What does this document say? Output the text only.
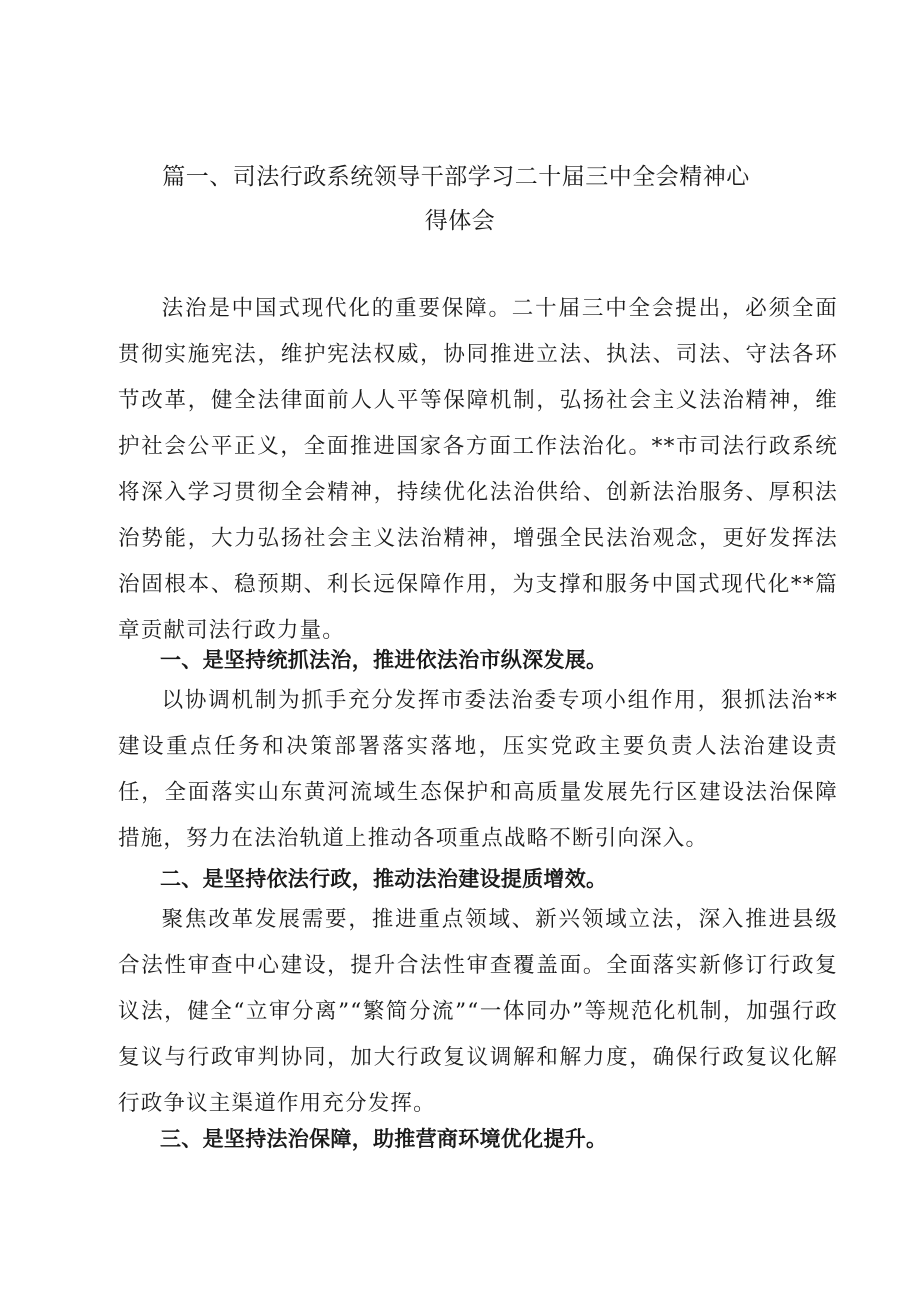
篇一、司法行政系统领导干部学习二十届三中全会精神心
得体会

法治是中国式现代化的重要保障。二十届三中全会提出，必须全面贯彻实施宪法，维护宪法权威，协同推进立法、执法、司法、守法各环节改革，健全法律面前人人平等保障机制，弘扬社会主义法治精神，维护社会公平正义，全面推进国家各方面工作法治化。**市司法行政系统将深入学习贯彻全会精神，持续优化法治供给、创新法治服务、厚积法治势能，大力弘扬社会主义法治精神，增强全民法治观念，更好发挥法治固根本、稳预期、利长远保障作用，为支撑和服务中国式现代化**篇章贡献司法行政力量。

一、是坚持统抓法治，推进依法治市纵深发展。

以协调机制为抓手充分发挥市委法治委专项小组作用，狠抓法治**建设重点任务和决策部署落实落地，压实党政主要负责人法治建设责任，全面落实山东黄河流域生态保护和高质量发展先行区建设法治保障措施，努力在法治轨道上推动各项重点战略不断引向深入。

二、是坚持依法行政，推动法治建设提质增效。

聚焦改革发展需要，推进重点领域、新兴领域立法，深入推进县级合法性审查中心建设，提升合法性审查覆盖面。全面落实新修订行政复议法，健全“立审分离”“繁简分流”“一体同办”等规范化机制，加强行政复议与行政审判协同，加大行政复议调解和解力度，确保行政复议化解行政争议主渠道作用充分发挥。

三、是坚持法治保障，助推营商环境优化提升。
